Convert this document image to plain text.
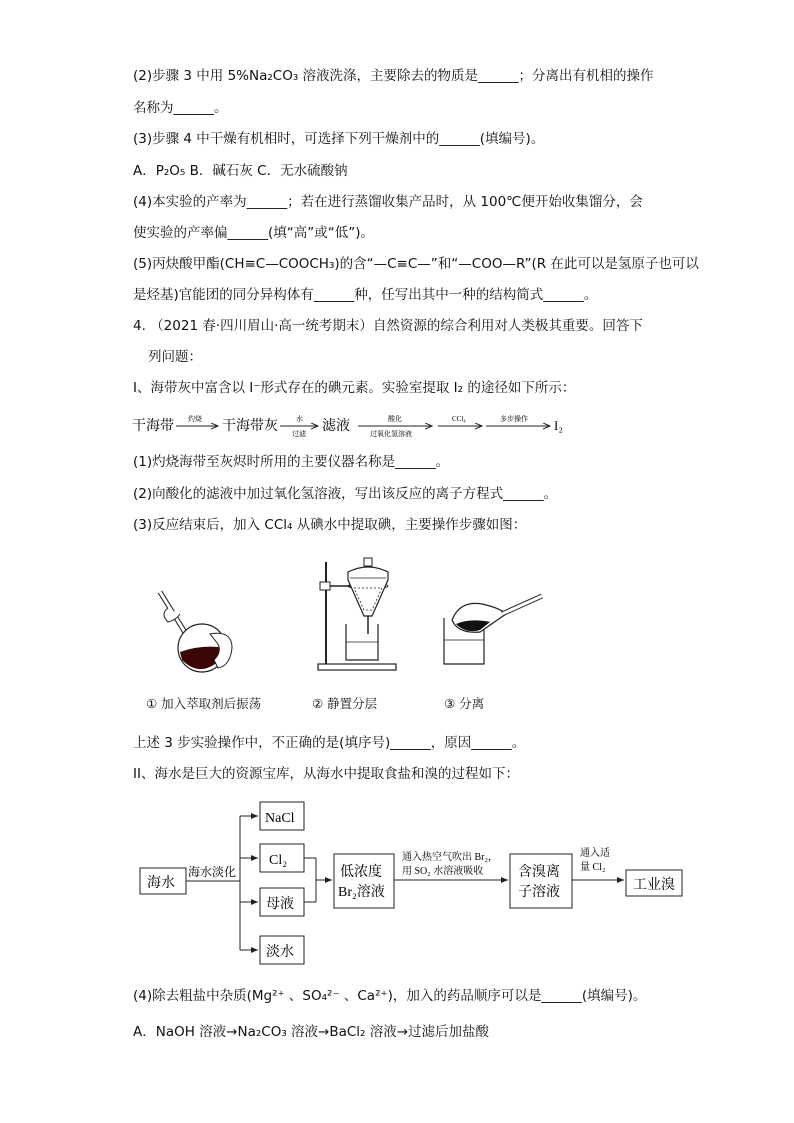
(2)步骤 3 中用 5%Na₂CO₃ 溶液洗涤，主要除去的物质是______；分离出有机相的操作
名称为______。
(3)步骤 4 中干燥有机相时，可选择下列干燥剂中的______(填编号)。
A．P₂O₅ B．碱石灰 C．无水硫酸钠
(4)本实验的产率为______；若在进行蒸馏收集产品时，从 100℃便开始收集馏分，会
使实验的产率偏______(填“高”或“低”)。
(5)丙炔酸甲酯(CH≡C—COOCH₃)的含“—C≡C—”和“—COO—R”(R 在此可以是氢原子也可以
是烃基)官能团的同分异构体有______种，任写出其中一种的结构简式______。
4. （2021 春·四川眉山·高一统考期末）自然资源的综合利用对人类极其重要。回答下
列问题：
I、海带灰中富含以 I⁻形式存在的碘元素。实验室提取 I₂ 的途径如下所示：
干海带 灼烧 干海带灰	水
过滤 滤液	酸化
过氧化氢溶液
CCl₄	多步操作 I₂
(1)灼烧海带至灰烬时所用的主要仪器名称是______。
(2)向酸化的滤液中加过氧化氢溶液，写出该反应的离子方程式______。
(3)反应结束后，加入 CCl₄ 从碘水中提取碘，主要操作步骤如图：
① 加入萃取剂后振荡	② 静置分层	③ 分离
上述 3 步实验操作中，不正确的是(填序号)______，原因______。
II、海水是巨大的资源宝库，从海水中提取食盐和溴的过程如下：
海水
海水淡化
NaCl
Cl₂
母液
淡水
低浓度
Br₂溶液
通入热空气吹出 Br₂，
用 SO₂ 水溶液吸收 含溴离
子溶液
通入适
量 Cl₂
工业溴
(4)除去粗盐中杂质(Mg²⁺ 、SO₄²⁻ 、Ca²⁺)，加入的药品顺序可以是______(填编号)。
A．NaOH 溶液→Na₂CO₃ 溶液→BaCl₂ 溶液→过滤后加盐酸
